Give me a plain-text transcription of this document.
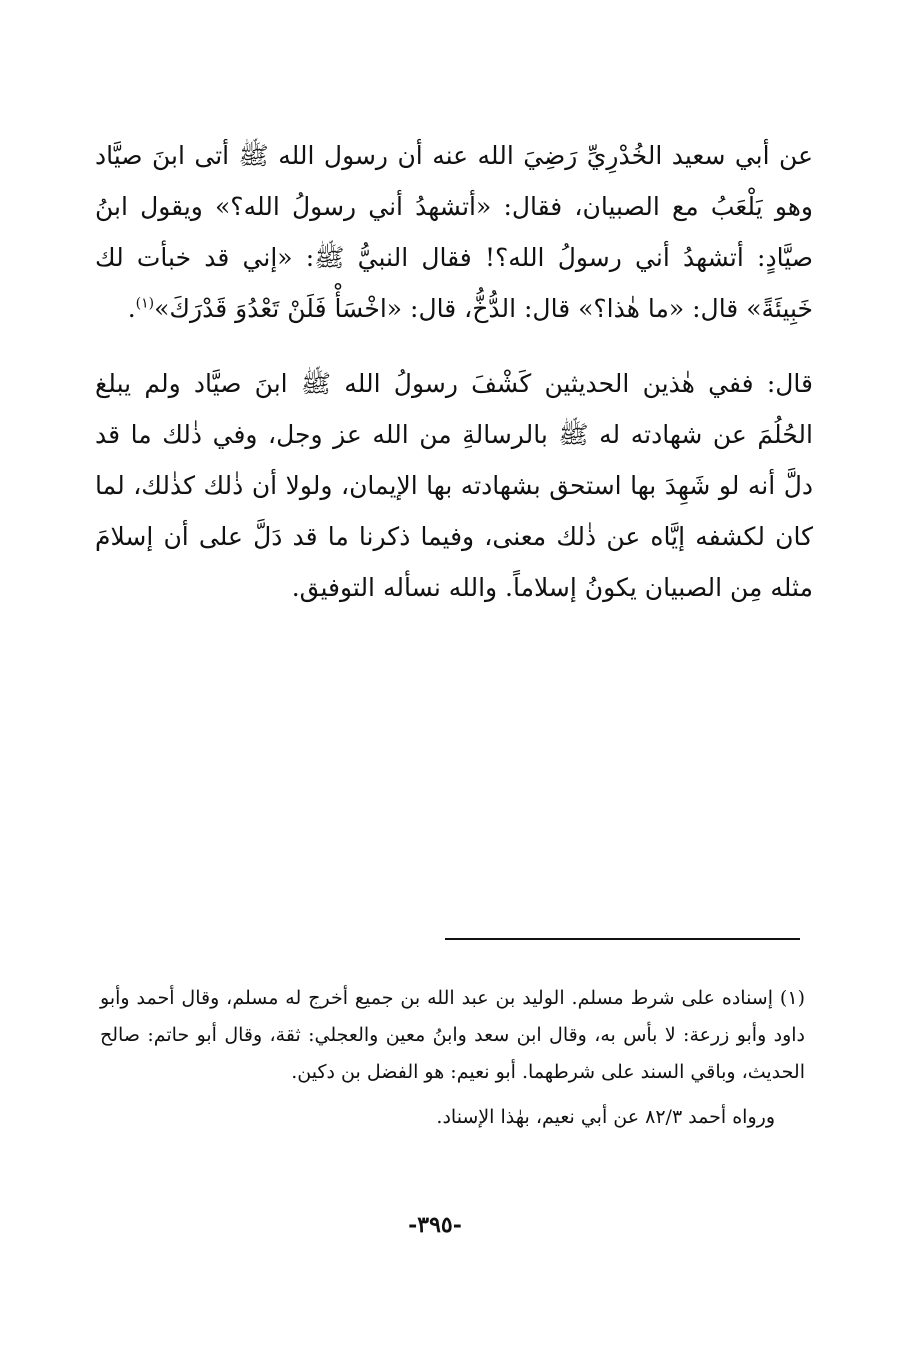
عن أبي سعيد الخُدْرِيِّ رَضِيَ الله عنه أن رسول الله ﷺ أتى ابنَ صيَّاد وهو يَلْعَبُ مع الصبيان، فقال: «أتشهدُ أني رسولُ الله؟» ويقول ابنُ صيَّادٍ: أتشهدُ أني رسولُ الله؟! فقال النبيُّ ﷺ: «إني قد خبأت لك خَبِيئَةً» قال: «ما هٰذا؟» قال: الدُّخُّ، قال: «اخْسَأْ فَلَنْ تَعْدُوَ قَدْرَكَ»$^{(١)}$.

قال: ففي هٰذين الحديثين كَشْفَ رسولُ الله ﷺ ابنَ صيَّاد ولم يبلغ الحُلُمَ عن شهادته له ﷺ بالرسالةِ من الله عز وجل، وفي ذٰلك ما قد دلَّ أنه لو شَهِدَ بها استحق بشهادته بها الإيمان، ولولا أن ذٰلك كذٰلك، لما كان لكشفه إيَّاه عن ذٰلك معنى، وفيما ذكرنا ما قد دَلَّ على أن إسلامَ مثله مِن الصبيان يكونُ إسلاماً. والله نسأله التوفيق.

(١) إسناده على شرط مسلم. الوليد بن عبد الله بن جميع أخرج له مسلم، وقال أحمد وأبو داود وأبو زرعة: لا بأس به، وقال ابن سعد وابنُ معين والعجلي: ثقة، وقال أبو حاتم: صالح الحديث، وباقي السند على شرطهما. أبو نعيم: هو الفضل بن دكين.

ورواه أحمد ٨٢/٣ عن أبي نعيم، بهٰذا الإسناد.

-٣٩٥-
